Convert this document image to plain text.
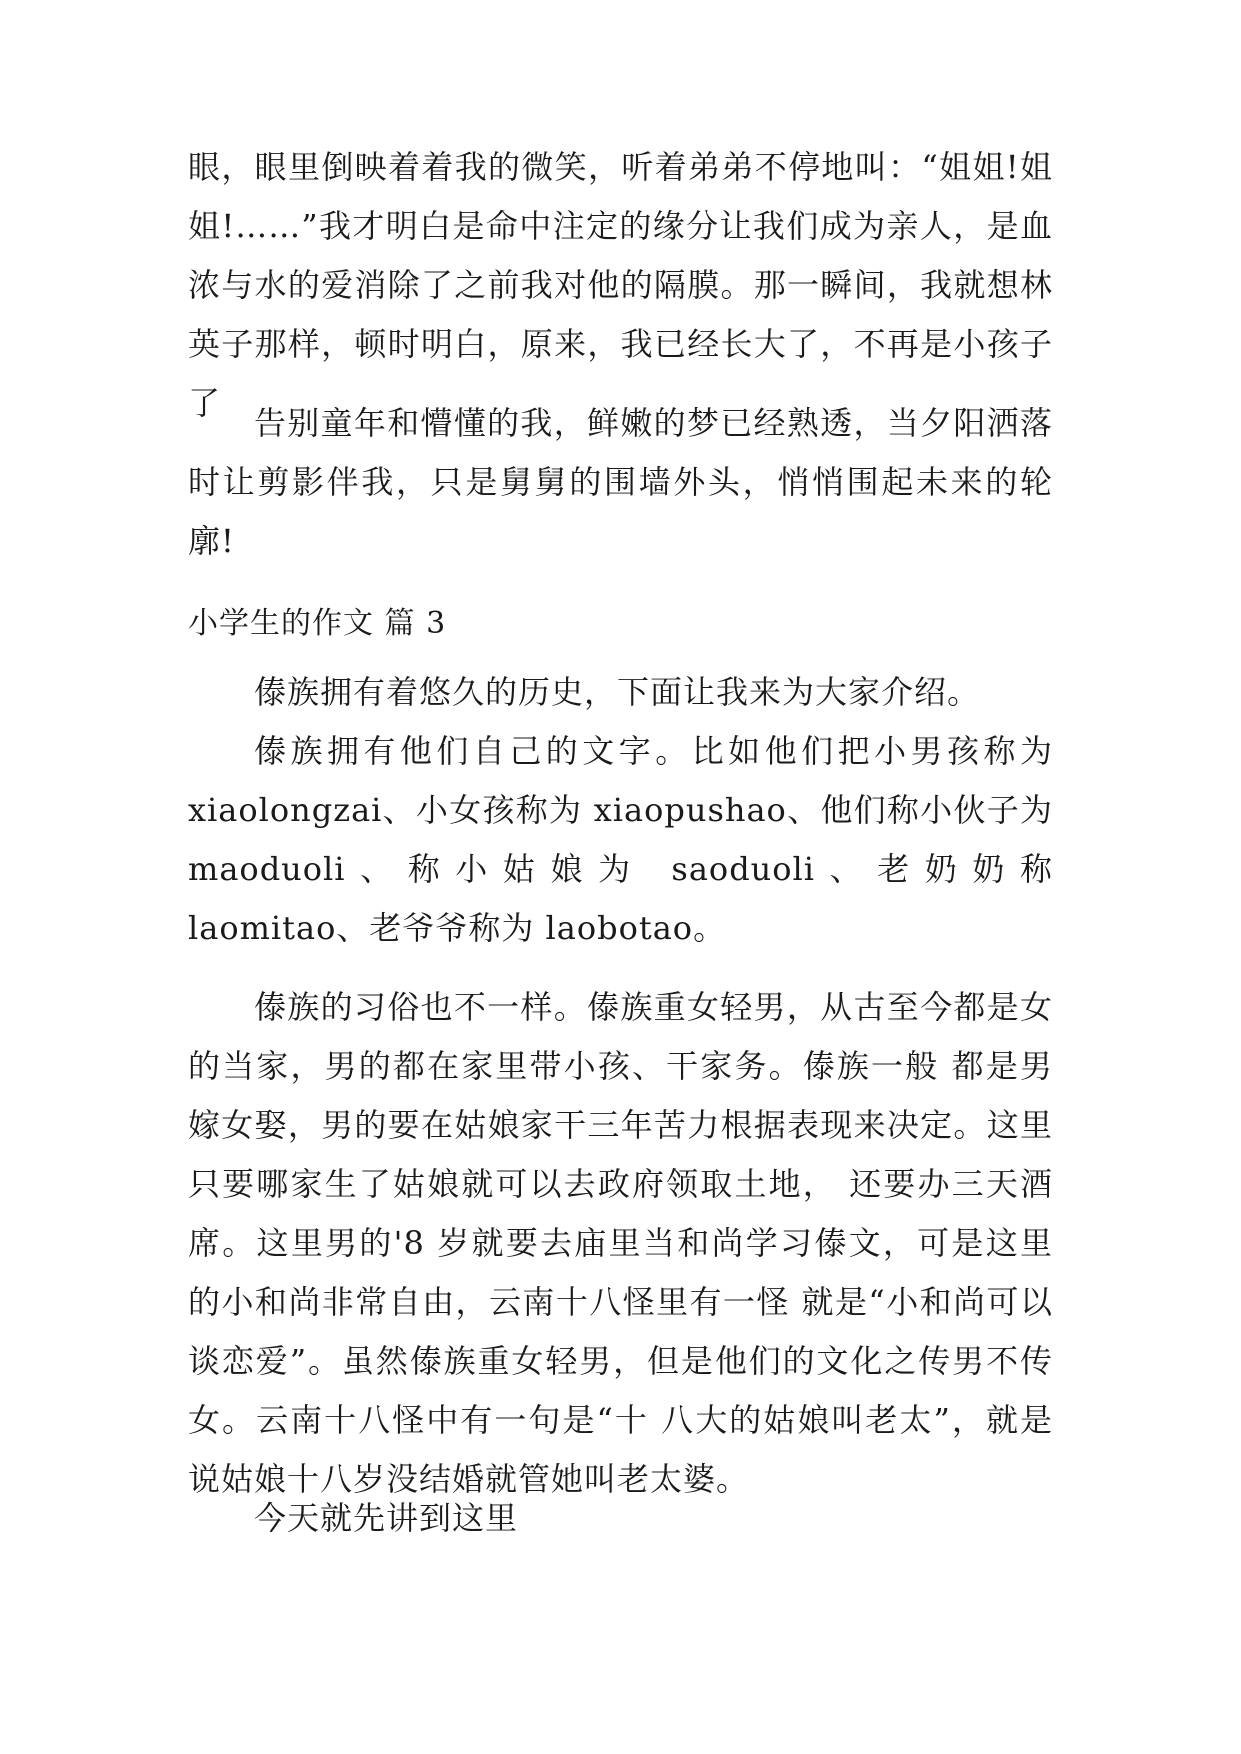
眼，眼里倒映着着我的微笑，听着弟弟不停地叫：“姐姐!姐姐!……”我才明白是命中注定的缘分让我们成为亲人，是血浓与水的爱消除了之前我对他的隔膜。那一瞬间，我就想林英子那样，顿时明白，原来，我已经长大了，不再是小孩子了

告别童年和懵懂的我，鲜嫩的梦已经熟透，当夕阳洒落时让剪影伴我，只是舅舅的围墙外头，悄悄围起未来的轮廓!

小学生的作文 篇 3

傣族拥有着悠久的历史，下面让我来为大家介绍。

傣族拥有他们自己的文字。比如他们把小男孩称为 xiaolongzai、小女孩称为 xiaopushao、他们称小伙子为 maoduoli、称小姑娘为 saoduoli、老奶奶称 laomitao、老爷爷称为 laobotao。

傣族的习俗也不一样。傣族重女轻男，从古至今都是女的当家，男的都在家里带小孩、干家务。傣族一般 都是男嫁女娶，男的要在姑娘家干三年苦力根据表现来决定。这里只要哪家生了姑娘就可以去政府领取土地， 还要办三天酒席。这里男的'8 岁就要去庙里当和尚学习傣文，可是这里的小和尚非常自由，云南十八怪里有一怪 就是“小和尚可以谈恋爱”。虽然傣族重女轻男，但是他们的文化之传男不传女。云南十八怪中有一句是“十 八大的姑娘叫老太”，就是说姑娘十八岁没结婚就管她叫老太婆。

今天就先讲到这里
